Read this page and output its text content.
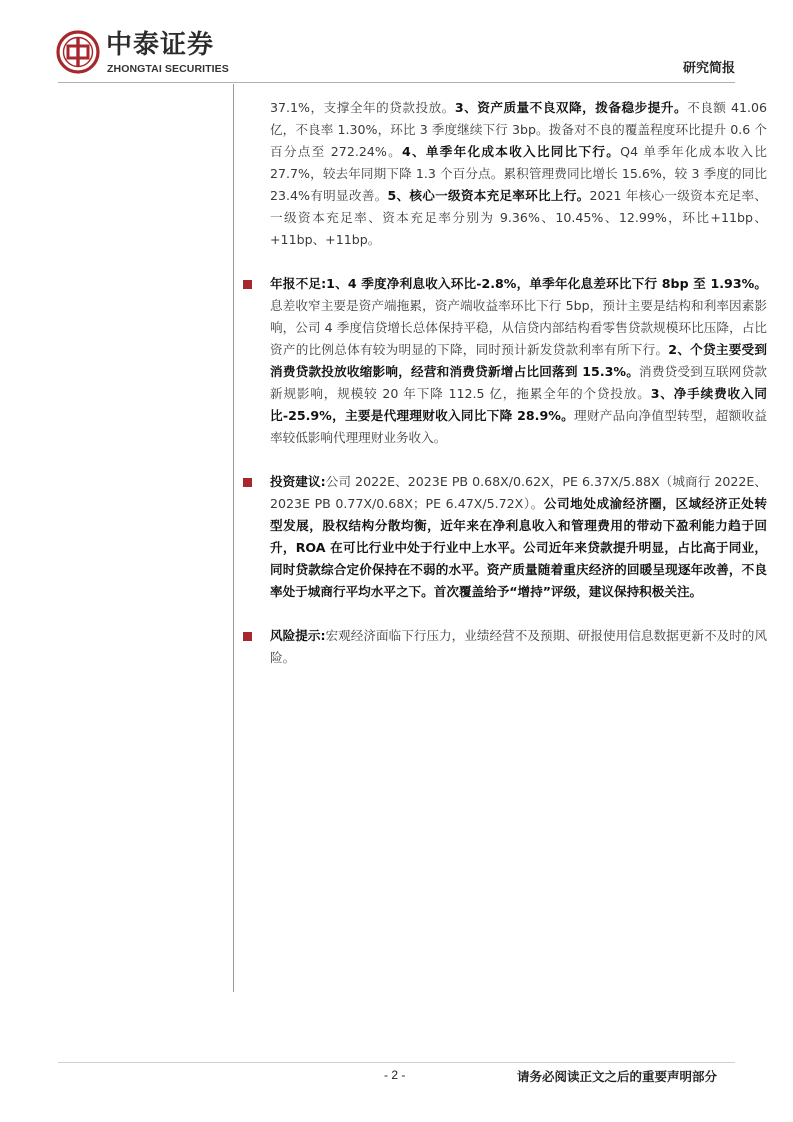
中泰证券
ZHONGTAI SECURITIES	研究简报

37.1%，支撑全年的贷款投放。3、资产质量不良双降，拨备稳步提升。不良额 41.06 亿，不良率 1.30%，环比 3 季度继续下行 3bp。拨备对不良的覆盖程度环比提升 0.6 个百分点至 272.24%。4、单季年化成本收入比同比下行。Q4 单季年化成本收入比 27.7%，较去年同期下降 1.3 个百分点。累积管理费同比增长 15.6%，较 3 季度的同比 23.4%有明显改善。5、核心一级资本充足率环比上行。2021 年核心一级资本充足率、一级资本充足率、资本充足率分别为 9.36%、10.45%、12.99%，环比+11bp、+11bp、+11bp。

年报不足:1、4 季度净利息收入环比-2.8%，单季年化息差环比下行 8bp 至 1.93%。息差收窄主要是资产端拖累，资产端收益率环比下行 5bp，预计主要是结构和利率因素影响，公司 4 季度信贷增长总体保持平稳，从信贷内部结构看零售贷款规模环比压降，占比资产的比例总体有较为明显的下降，同时预计新发贷款利率有所下行。2、个贷主要受到消费贷款投放收缩影响，经营和消费贷新增占比回落到 15.3%。消费贷受到互联网贷款新规影响，规模较 20 年下降 112.5 亿，拖累全年的个贷投放。3、净手续费收入同比-25.9%，主要是代理理财收入同比下降 28.9%。理财产品向净值型转型，超额收益率较低影响代理理财业务收入。

投资建议:公司 2022E、2023E PB 0.68X/0.62X，PE 6.37X/5.88X（城商行 2022E、2023E PB 0.77X/0.68X；PE 6.47X/5.72X）。公司地处成渝经济圈，区域经济正处转型发展，股权结构分散均衡，近年来在净利息收入和管理费用的带动下盈利能力趋于回升，ROA 在可比行业中处于行业中上水平。公司近年来贷款提升明显，占比高于同业，同时贷款综合定价保持在不弱的水平。资产质量随着重庆经济的回暖呈现逐年改善，不良率处于城商行平均水平之下。首次覆盖给予“增持”评级，建议保持积极关注。

风险提示:宏观经济面临下行压力，业绩经营不及预期、研报使用信息数据更新不及时的风险。

- 2 -	请务必阅读正文之后的重要声明部分
